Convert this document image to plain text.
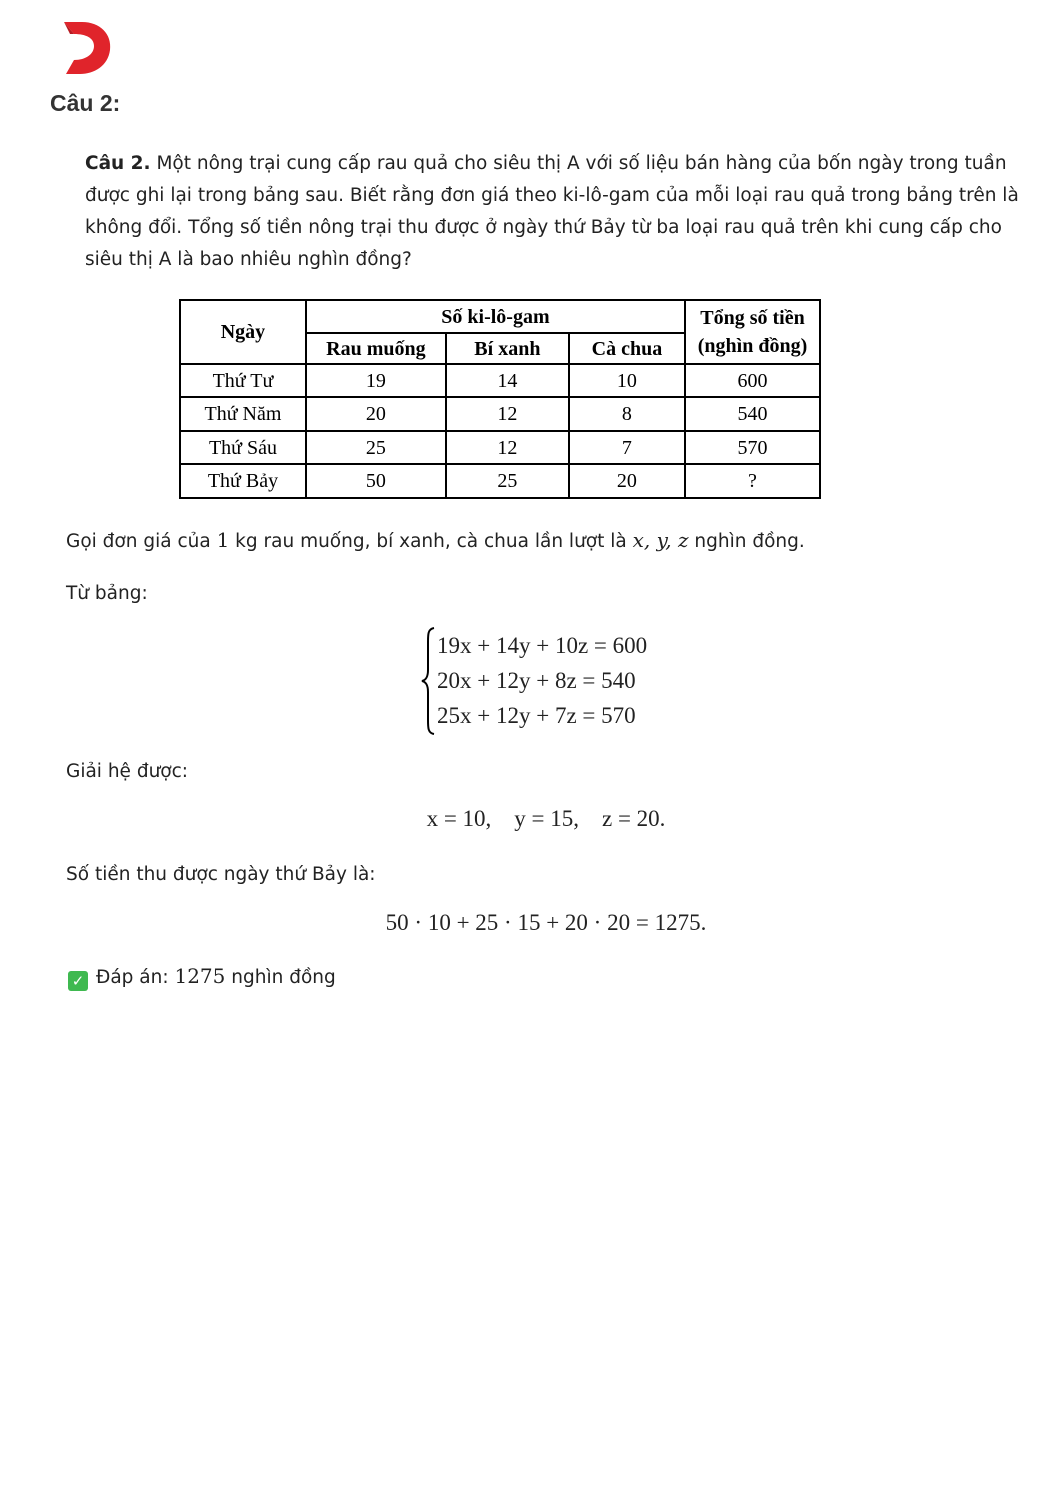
Câu 2:
Câu 2. Một nông trại cung cấp rau quả cho siêu thị A với số liệu bán hàng của bốn ngày trong tuần được ghi lại trong bảng sau. Biết rằng đơn giá theo ki-lô-gam của mỗi loại rau quả trong bảng trên là không đổi. Tổng số tiền nông trại thu được ở ngày thứ Bảy từ ba loại rau quả trên khi cung cấp cho siêu thị A là bao nhiêu nghìn đồng?
Ngày	Số ki-lô-gam			Tổng số tiền
(nghìn đồng)

	Rau muống	Bí xanh	Cà chua	
Thứ Tư	19	14	10	600
Thứ Năm	20	12	8	540
Thứ Sáu	25	12	7	570
Thứ Bảy	50	25	20	?
Gọi đơn giá của 1 kg rau muống, bí xanh, cà chua lần lượt là x, y, z nghìn đồng.
Từ bảng:
19x + 14y + 10z = 600
20x + 12y + 8z = 540
25x + 12y + 7z = 570
Giải hệ được:
x = 10,    y = 15,    z = 20.
Số tiền thu được ngày thứ Bảy là:
50 · 10 + 25 · 15 + 20 · 20 = 1275.
✓ Đáp án: 1275 nghìn đồng
